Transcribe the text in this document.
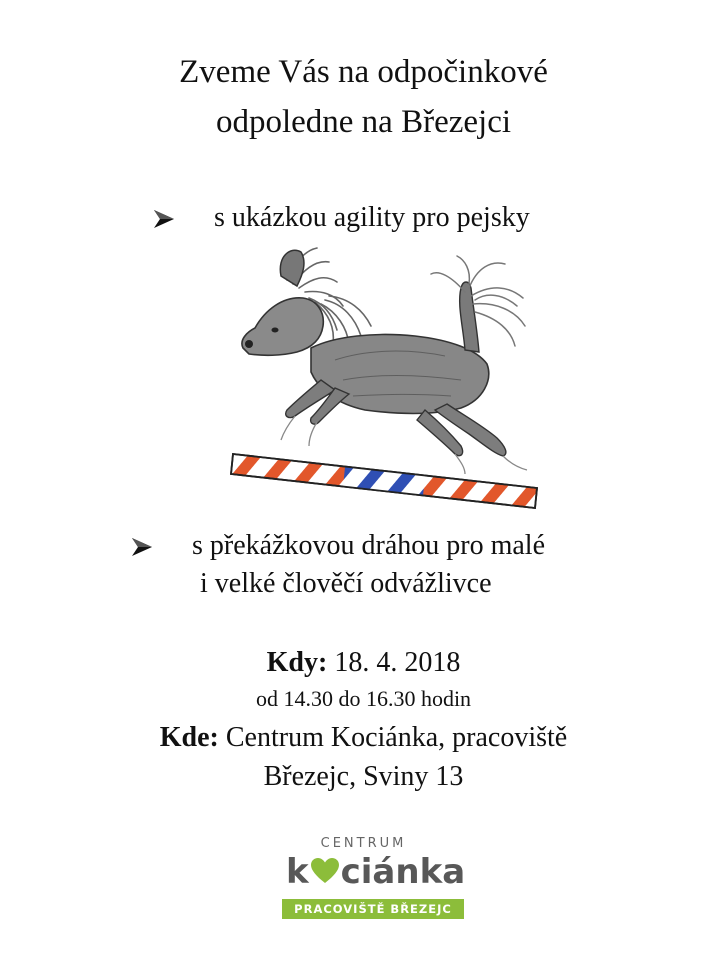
Zveme Vás na odpočinkové
odpoledne na Březejci
s ukázkou agility pro pejsky
s překážkovou dráhou pro malé
i velké člověčí odvážlivce
Kdy: 18. 4. 2018
od 14.30 do 16.30 hodin
Kde: Centrum Kociánka, pracoviště
Březejc, Sviny 13
CENTRUM
k ciánka
PRACOVIŠTĚ BŘEZEJC
